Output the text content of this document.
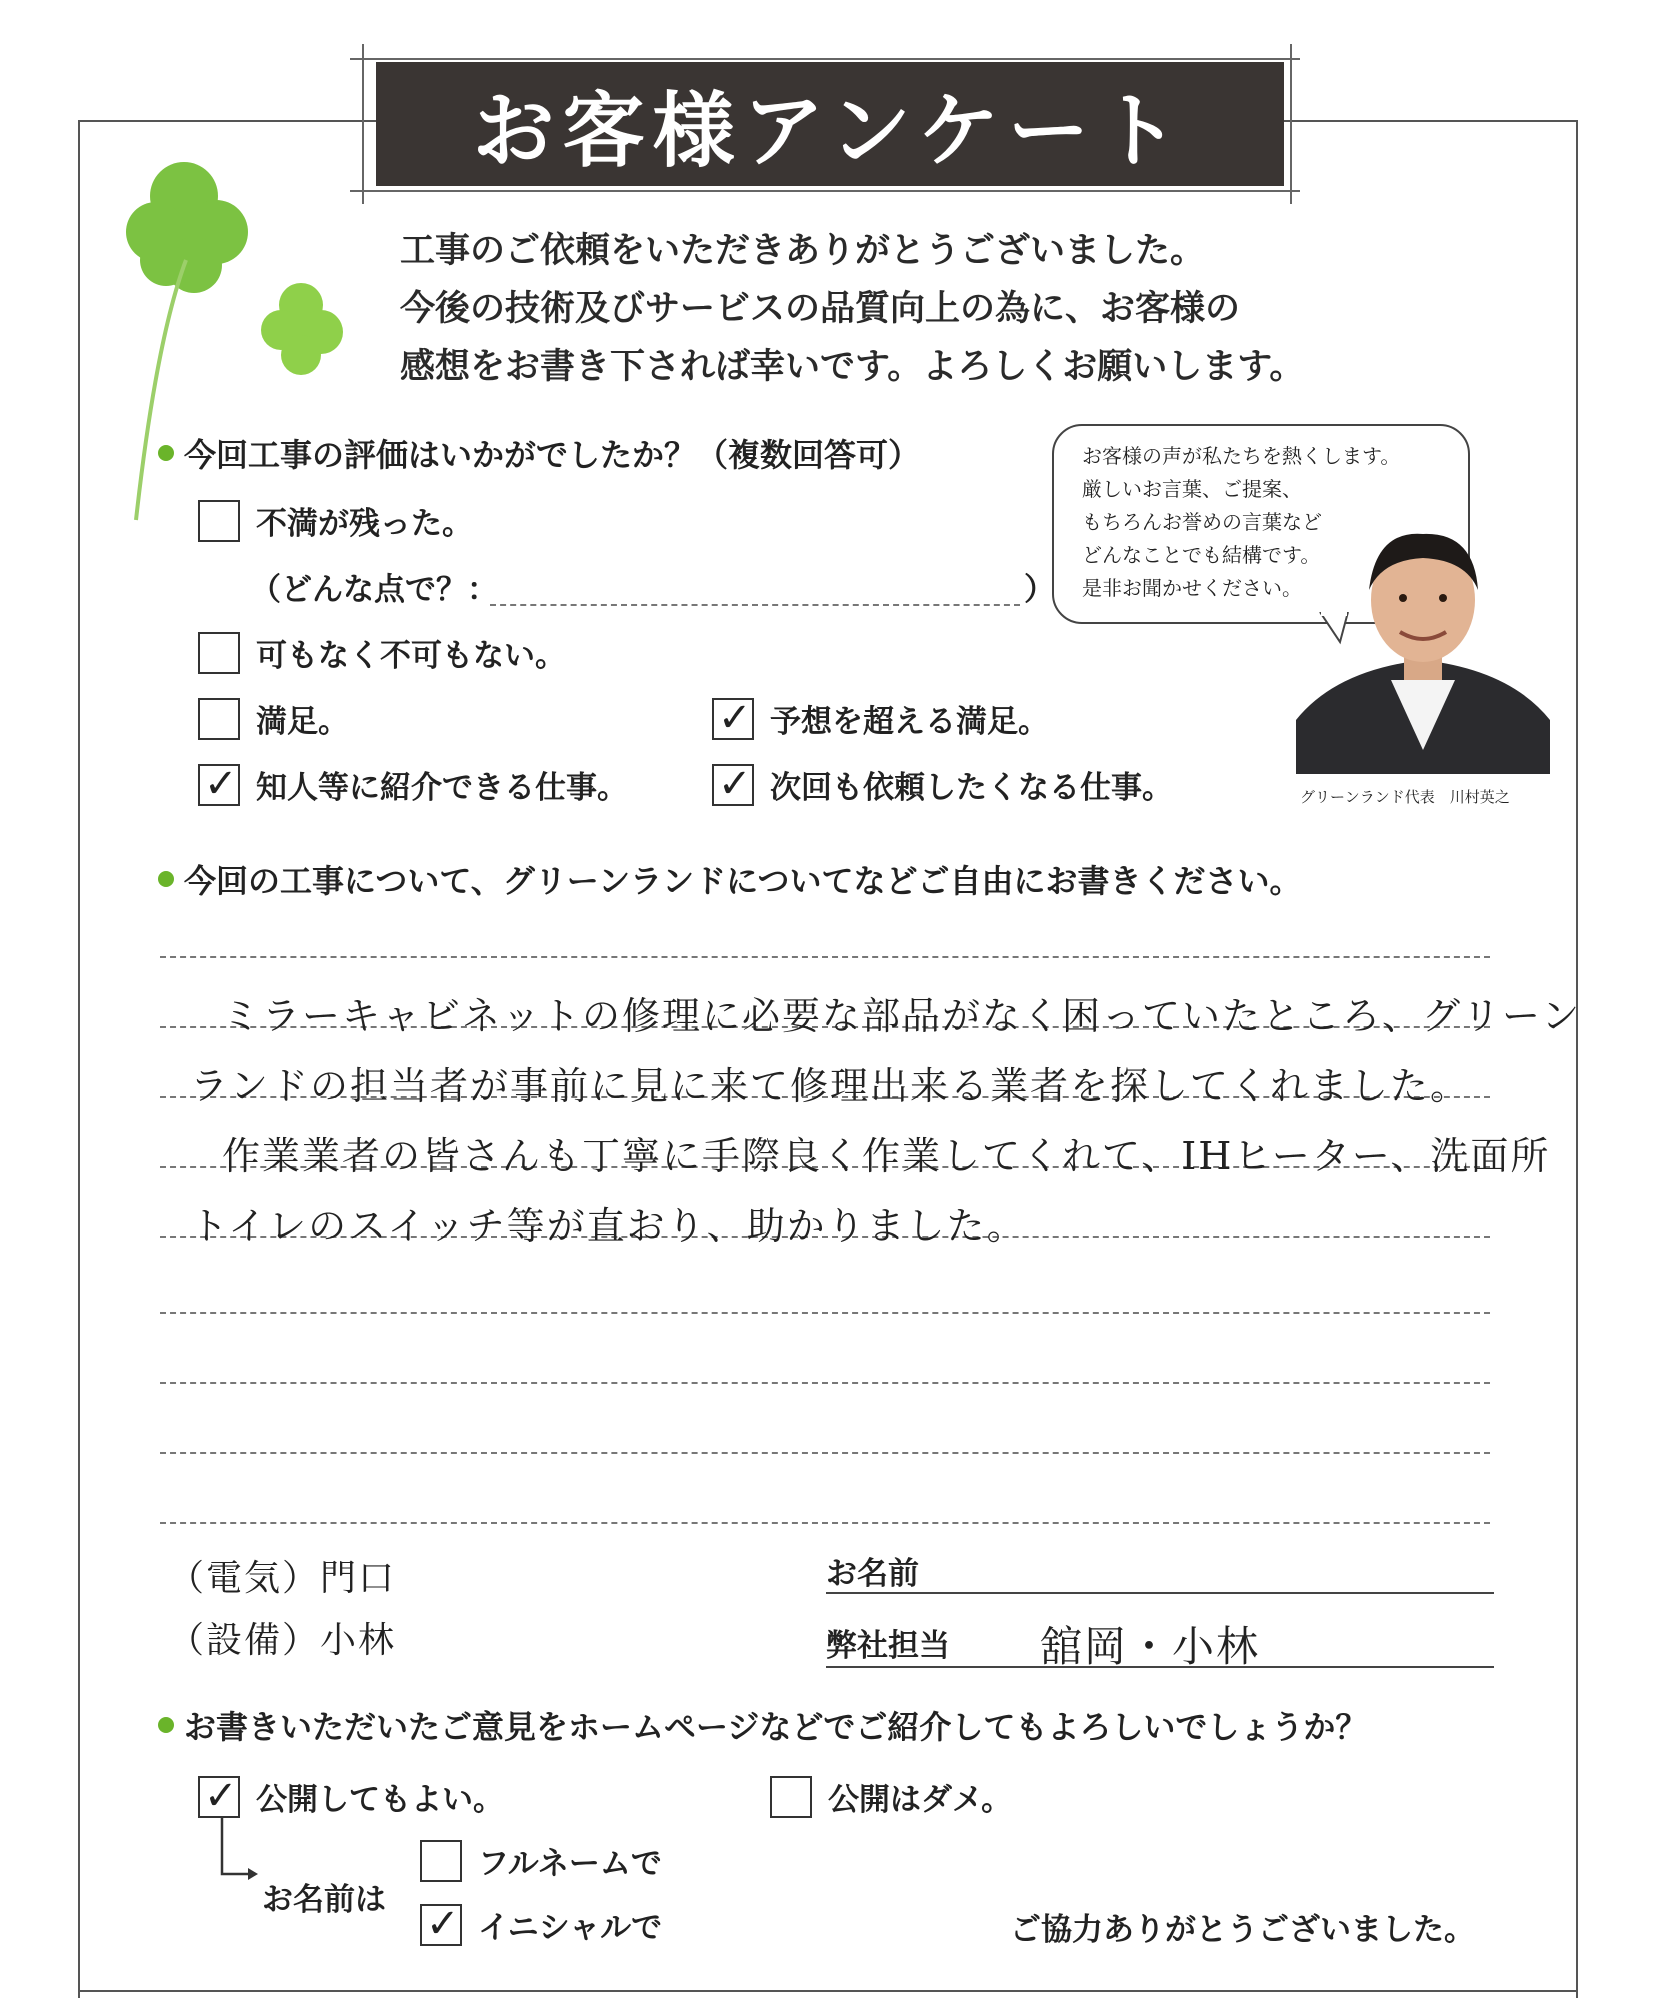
お客様アンケート
工事のご依頼をいただきありがとうございました。
今後の技術及びサービスの品質向上の為に、お客様の
感想をお書き下されば幸いです。よろしくお願いします。
お客様の声が私たちを熱くします。
厳しいお言葉、ご提案、
もちろんお誉めの言葉など
どんなことでも結構です。
是非お聞かせください。
グリーンランド代表　川村英之
今回工事の評価はいかがでしたか？（複数回答可）
不満が残った。
（どんな点で？：	）
可もなく不可もない。
満足。	✓ 予想を超える満足。
✓ 知人等に紹介できる仕事。 ✓ 次回も依頼したくなる仕事。
今回の工事について、グリーンランドについてなどご自由にお書きください。
ミラーキャビネットの修理に必要な部品がなく困っていたところ、グリーン
ランドの担当者が事前に見に来て修理出来る業者を探してくれました。
作業業者の皆さんも丁寧に手際良く作業してくれて、IHヒーター、洗面所
トイレのスイッチ等が直おり、助かりました。
（電気）門口
（設備）小林
お名前
弊社担当 舘岡・小林
お書きいただいたご意見をホームページなどでご紹介してもよろしいでしょうか？
✓ 公開してもよい。	公開はダメ。
お名前は
フルネームで
✓ イニシャルで	ご協力ありがとうございました。
